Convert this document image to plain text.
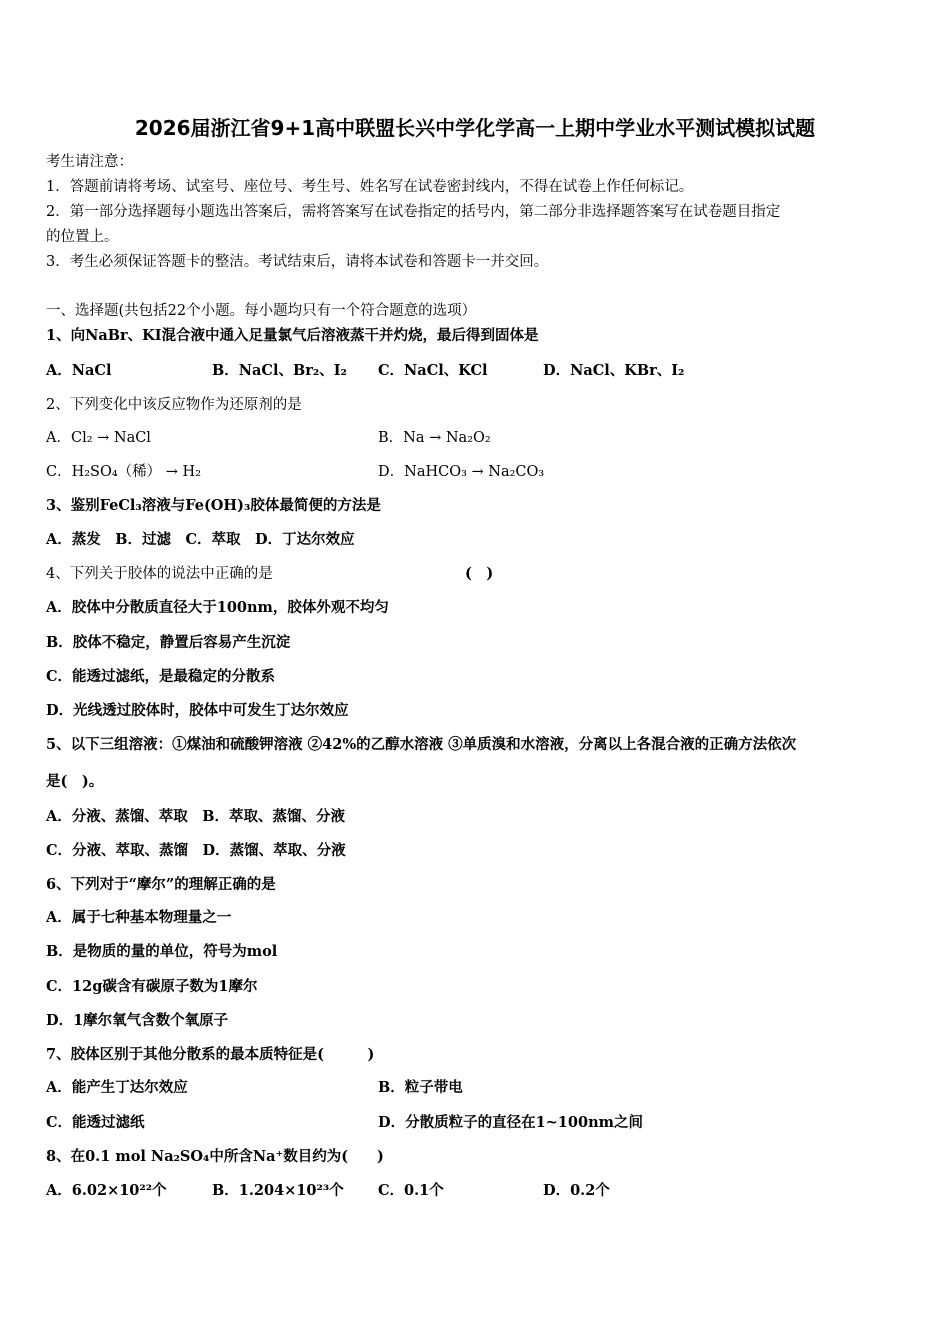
2026届浙江省9+1高中联盟长兴中学化学高一上期中学业水平测试模拟试题
考生请注意：
1．答题前请将考场、试室号、座位号、考生号、姓名写在试卷密封线内，不得在试卷上作任何标记。
2．第一部分选择题每小题选出答案后，需将答案写在试卷指定的括号内，第二部分非选择题答案写在试卷题目指定
的位置上。
3．考生必须保证答题卡的整洁。考试结束后，请将本试卷和答题卡一并交回。
一、选择题(共包括22个小题。每小题均只有一个符合题意的选项）
1、向NaBr、KI混合液中通入足量氯气后溶液蒸干并灼烧，最后得到固体是
A．NaCl	B．NaCl、Br₂、I₂ C．NaCl、KCl	D．NaCl、KBr、I₂
2、下列变化中该反应物作为还原剂的是
A．Cl₂ → NaCl	B．Na → Na₂O₂
C．H₂SO₄（稀） → H₂	D．NaHCO₃ → Na₂CO₃
3、鉴别FeCl₃溶液与Fe(OH)₃胶体最简便的方法是
A．蒸发　B．过滤　C．萃取　D．丁达尔效应
4、下列关于胶体的说法中正确的是	(　)
A．胶体中分散质直径大于100nm，胶体外观不均匀
B．胶体不稳定，静置后容易产生沉淀
C．能透过滤纸，是最稳定的分散系
D．光线透过胶体时，胶体中可发生丁达尔效应
5、以下三组溶液：①煤油和硫酸钾溶液 ②42%的乙醇水溶液 ③单质溴和水溶液，分离以上各混合液的正确方法依次
是(　)。
A．分液、蒸馏、萃取　B．萃取、蒸馏、分液
C．分液、萃取、蒸馏　D．蒸馏、萃取、分液
6、下列对于“摩尔”的理解正确的是
A．属于七种基本物理量之一
B．是物质的量的单位，符号为mol
C．12g碳含有碳原子数为1摩尔
D．1摩尔氧气含数个氧原子
7、胶体区别于其他分散系的最本质特征是(　　　)
A．能产生丁达尔效应	B．粒子带电
C．能透过滤纸	D．分散质粒子的直径在1~100nm之间
8、在0.1 mol Na₂SO₄中所含Na⁺数目约为(　　)
A．6.02×10²²个	B．1.204×10²³个 C．0.1个	D．0.2个
